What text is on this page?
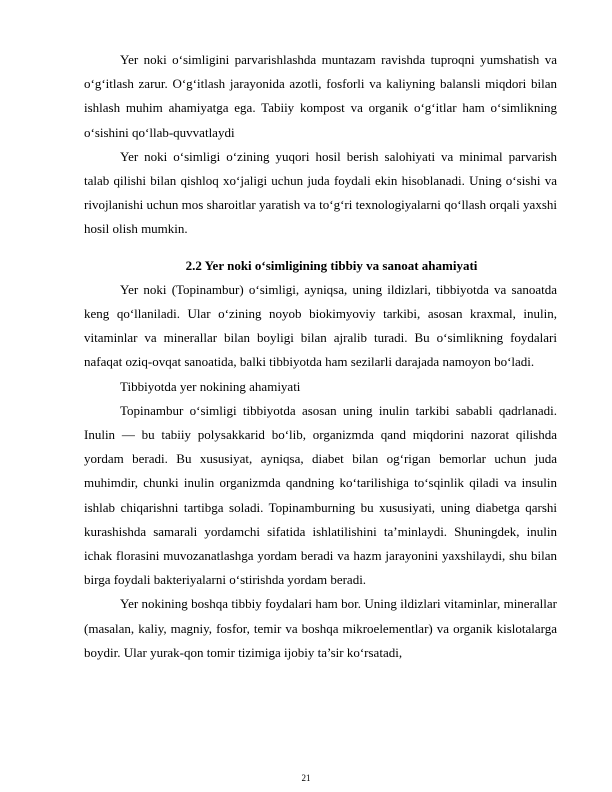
Yer noki o‘simligini parvarishlashda muntazam ravishda tuproqni yumshatish va o‘g‘itlash zarur. O‘g‘itlash jarayonida azotli, fosforli va kaliyning balansli miqdori bilan ishlash muhim ahamiyatga ega. Tabiiy kompost va organik o‘g‘itlar ham o‘simlikning o‘sishini qo‘llab-quvvatlaydi

Yer noki o‘simligi o‘zining yuqori hosil berish salohiyati va minimal parvarish talab qilishi bilan qishloq xo‘jaligi uchun juda foydali ekin hisoblanadi. Uning o‘sishi va rivojlanishi uchun mos sharoitlar yaratish va to‘g‘ri texnologiyalarni qo‘llash orqali yaxshi hosil olish mumkin.

2.2 Yer noki o‘simligining tibbiy va sanoat ahamiyati

Yer noki (Topinambur) o‘simligi, ayniqsa, uning ildizlari, tibbiyotda va sanoatda keng qo‘llaniladi. Ular o‘zining noyob biokimyoviy tarkibi, asosan kraxmal, inulin, vitaminlar va minerallar bilan boyligi bilan ajralib turadi. Bu o‘simlikning foydalari nafaqat oziq-ovqat sanoatida, balki tibbiyotda ham sezilarli darajada namoyon bo‘ladi.

Tibbiyotda yer nokining ahamiyati

Topinambur o‘simligi tibbiyotda asosan uning inulin tarkibi sababli qadrlanadi. Inulin — bu tabiiy polysakkarid bo‘lib, organizmda qand miqdorini nazorat qilishda yordam beradi. Bu xususiyat, ayniqsa, diabet bilan og‘rigan bemorlar uchun juda muhimdir, chunki inulin organizmda qandning ko‘tarilishiga to‘sqinlik qiladi va insulin ishlab chiqarishni tartibga soladi. Topinamburning bu xususiyati, uning diabetga qarshi kurashishda samarali yordamchi sifatida ishlatilishini ta’minlaydi. Shuningdek, inulin ichak florasini muvozanatlashga yordam beradi va hazm jarayonini yaxshilaydi, shu bilan birga foydali bakteriyalarni o‘stirishda yordam beradi.

Yer nokining boshqa tibbiy foydalari ham bor. Uning ildizlari vitaminlar, minerallar (masalan, kaliy, magniy, fosfor, temir va boshqa mikroelementlar) va organik kislotalarga boydir. Ular yurak-qon tomir tizimiga ijobiy ta’sir ko‘rsatadi,

21
